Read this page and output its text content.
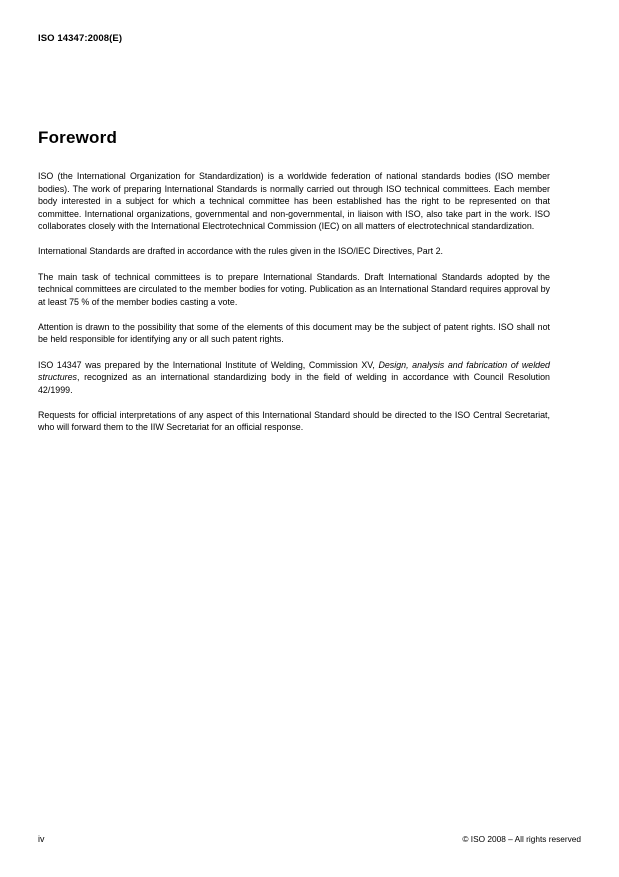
ISO 14347:2008(E)
Foreword

ISO (the International Organization for Standardization) is a worldwide federation of national standards bodies (ISO member bodies). The work of preparing International Standards is normally carried out through ISO technical committees. Each member body interested in a subject for which a technical committee has been established has the right to be represented on that committee. International organizations, governmental and non-governmental, in liaison with ISO, also take part in the work. ISO collaborates closely with the International Electrotechnical Commission (IEC) on all matters of electrotechnical standardization.

International Standards are drafted in accordance with the rules given in the ISO/IEC Directives, Part 2.

The main task of technical committees is to prepare International Standards. Draft International Standards adopted by the technical committees are circulated to the member bodies for voting. Publication as an International Standard requires approval by at least 75 % of the member bodies casting a vote.

Attention is drawn to the possibility that some of the elements of this document may be the subject of patent rights. ISO shall not be held responsible for identifying any or all such patent rights.

ISO 14347 was prepared by the International Institute of Welding, Commission XV, Design, analysis and fabrication of welded structures, recognized as an international standardizing body in the field of welding in accordance with Council Resolution 42/1999.

Requests for official interpretations of any aspect of this International Standard should be directed to the ISO Central Secretariat, who will forward them to the IIW Secretariat for an official response.

iv	© ISO 2008 – All rights reserved
